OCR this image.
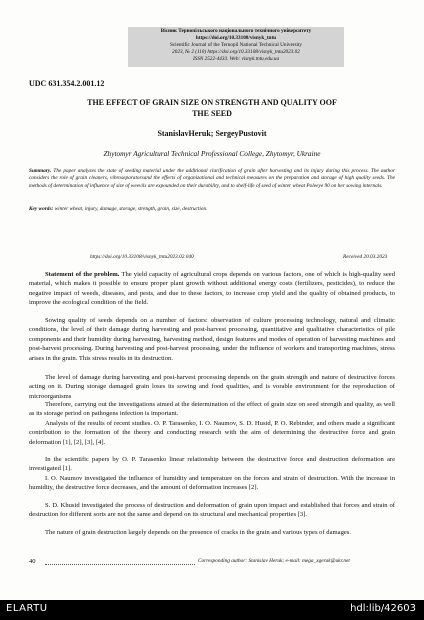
Вісник Тернопільського національного технічного університету
https://doi.org/10.33108/visnyk_tntu
Scientific Journal of the Ternopil National Technical University
2023, № 2 (110) https://doi.org/10.33108/visnyk_tntu2023.02
ISSN 2522-4433. Web: visnyk.tntu.edu.ua
UDC 631.354.2.001.12
THE EFFECT OF GRAIN SIZE ON STRENGTH AND QUALITY OOF
THE SEED
StanislavHeruk; SergeyPustovit
Zhytomyr Agricultural Technical Professional College, Zhytomyr, Ukraine
Summary. The paper analyzes the state of seeding material under the additional clarification of grain after harvesting and its injury during this process. The author considers the role of grain cleaners, vibroseparatorsand the effects of organizational and technical measures on the preparation and storage of high quality seeds. The methods of determination of influence of size of weevils are expounded on their durability, and to shelf-life of seed of winter wheat Poleeye 90 on her sowing internals.
Key words: winter wheat, injury, damage, storage, strength, grain, size, destruction.
https://doi.org/10.33108/visnyk_tntu2023.02.040	Received 20.03.2023

Statement of the problem. The yield capacity of agricultural crops depends on various factors, one of which is high-quality seed material, which makes it possible to ensure proper plant growth without additional energy costs (fertilizers, pesticides), to reduce the negative impact of weeds, diseases, and pests, and due to these factors, to increase crop yield and the quality of obtained products, to improve the ecological condition of the field.

Sowing quality of seeds depends on a number of factors: observation of culture processing technology, natural and climatic conditions, the level of their damage during harvesting and post-harvest processing, quantitative and qualitative characteristics of pile components and their humidity during harvesting, harvesting method, design features and modes of operation of harvesting machines and post-harvest processing. During harvesting and post-harvest processing, under the influence of workers and transporting machines, stress arises in the grain. This stress results in its destruction.

The level of damage during harvesting and post-harvest processing depends on the grain strength and nature of destructive forces acting on it. During storage damaged grain loses its sowing and food qualities, and is vorable environment for the reproduction of microorganisms

Therefore, carrying out the investigations aimed at the determination of the effect of grain size on seed strength and quality, as well as its storage period on pathogens infection is important.

Analysis of the results of recent studies. O. P. Tarasenko, I. O. Naumov, S. D. Husid, P. O. Rebinder, and others made a significant contribution to the formation of the theory and conducting research with the aim of determining the destructive force and grain deformation [1], [2], [3], [4].

In the scientific papers by O. P. Tarasenko linear relationship between the destructive force and destruction deformation are investigated [1].

I. O. Naumov investigated the influence of humidity and temperature on the forces and strain of destruction. With the increase in humidity, the destructive force decreases, and the amount of deformation increases [2].

S. D. Khusid investigated the process of destruction and deformation of grain upon impact and established that forces and strain of destruction for different sorts are not the same and depend on its structural and mechanical properties [3].

The nature of grain destruction largely depends on the presence of cracks in the grain and various types of damages.

40	Corresponding author: Stanislav Heruk; e-mail: mega_xgerak@ukr.net
ELARTU	hdl:lib/42603
